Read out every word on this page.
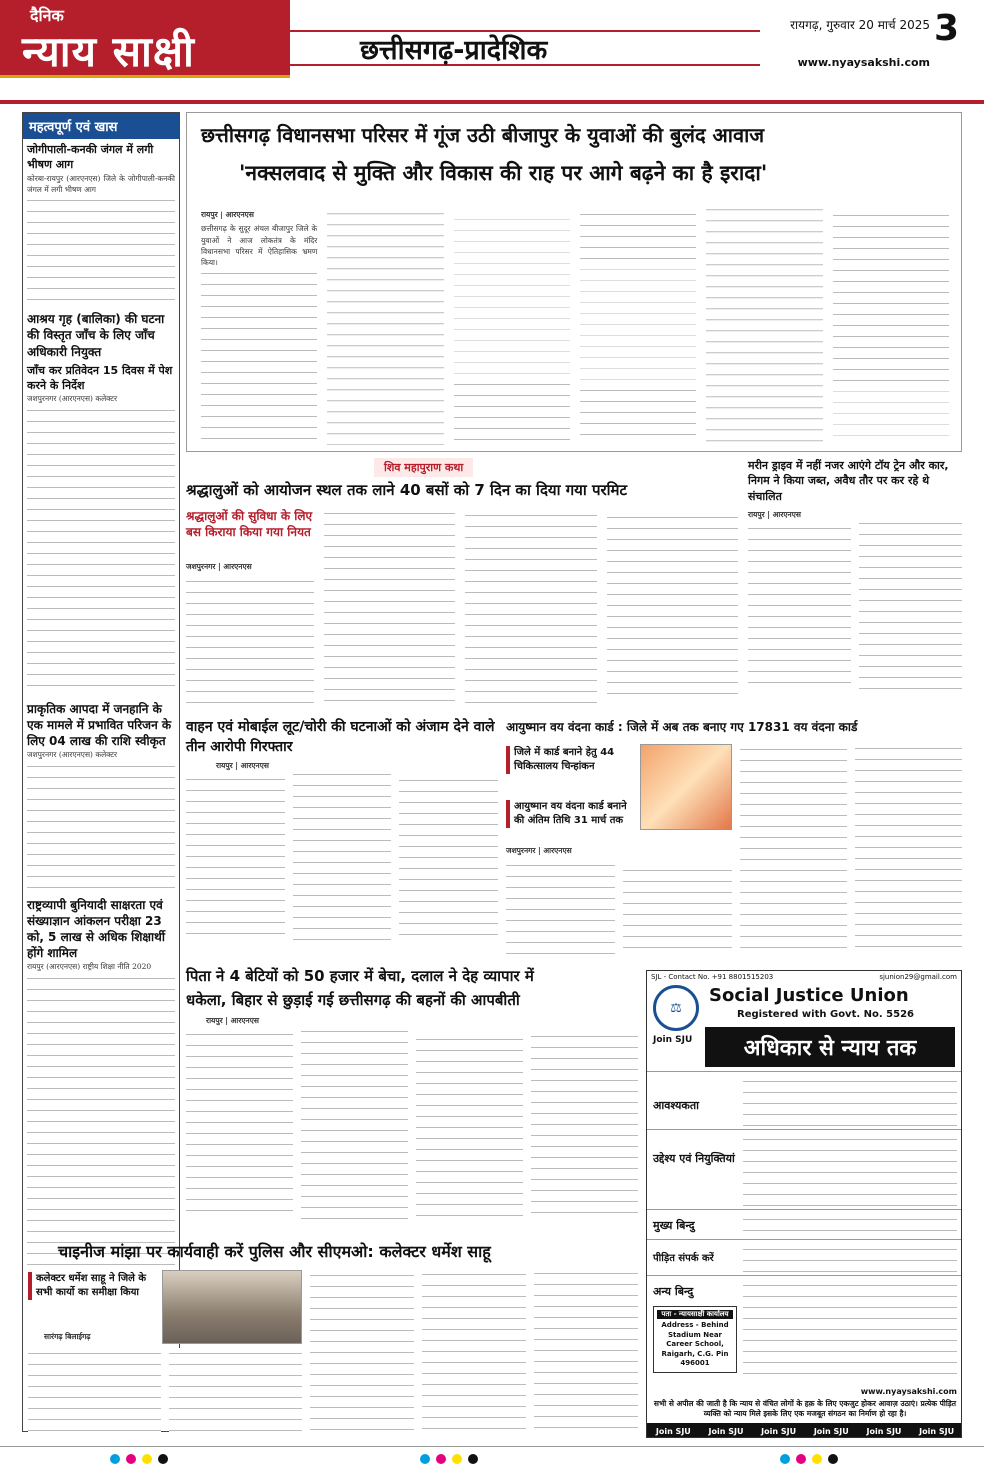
दैनिक
न्याय साक्षी	छत्तीसगढ़-प्रादेशिक
रायगढ़, गुरुवार 20 मार्च 2025
www.nyaysakshi.com
3
महत्वपूर्ण एवं खास
जोगीपाली-कनकी जंगल में लगी भीषण आग
कोरबा-रायपुर (आरएनएस) जिले के जोगीपाली-कनकी जंगल में लगी भीषण आग
आश्रय गृह (बालिका) की घटना की विस्तृत जाँच के लिए जाँच अधिकारी नियुक्त
जाँच कर प्रतिवेदन 15 दिवस में पेश करने के निर्देश
जशपुरनगर (आरएनएस) कलेक्टर
प्राकृतिक आपदा में जनहानि के एक मामले में प्रभावित परिजन के लिए 04 लाख की राशि स्वीकृत
जशपुरनगर (आरएनएस) कलेक्टर
राष्ट्रव्यापी बुनियादी साक्षरता एवं संख्याज्ञान आंकलन परीक्षा 23 को, 5 लाख से अधिक शिक्षार्थी होंगे शामिल
रायपुर (आरएनएस) राष्ट्रीय शिक्षा नीति 2020
छत्तीसगढ़ विधानसभा परिसर में गूंज उठी बीजापुर के युवाओं की बुलंद आवाज
'नक्सलवाद से मुक्ति और विकास की राह पर आगे बढ़ने का है इरादा'
रायपुर | आरएनएस
छत्तीसगढ़ के सुदूर अंचल बीजापुर जिले के युवाओं ने आज लोकतंत्र के मंदिर विधानसभा परिसर में ऐतिहासिक भ्रमण किया।
शिव महापुराण कथा
श्रद्धालुओं को आयोजन स्थल तक लाने 40 बसों को 7 दिन का दिया गया परमिट
श्रद्धालुओं की सुविधा के लिए बस किराया किया गया नियत
जशपुरनगर | आरएनएस
मरीन ड्राइव में नहीं नजर आएंगे टॉय ट्रेन और कार, निगम ने किया जब्त, अवैध तौर पर कर रहे थे संचालित
रायपुर | आरएनएस
वाहन एवं मोबाईल लूट/चोरी की घटनाओं को अंजाम देने वाले तीन आरोपी गिरफ्तार
रायपुर | आरएनएस
आयुष्मान वय वंदना कार्ड : जिले में अब तक बनाए गए 17831 वय वंदना कार्ड
जिले में कार्ड बनाने हेतु 44 चिकित्सालय चिन्हांकन
आयुष्मान वय वंदना कार्ड बनाने की अंतिम तिथि 31 मार्च तक
जशपुरनगर | आरएनएस
पिता ने 4 बेटियों को 50 हजार में बेचा, दलाल ने देह व्यापार में
धकेला, बिहार से छुड़ाई गई छत्तीसगढ़ की बहनों की आपबीती
रायपुर | आरएनएस
चाइनीज मांझा पर कार्यवाही करें पुलिस और सीएमओ: कलेक्टर धर्मेश साहू
कलेक्टर धर्मेश साहू ने जिले के सभी कार्यो का समीक्षा किया
सारंगढ़ बिलाईगढ़
SJL - Contact No. +91 8801515203	sjunion29@gmail.com
⚖
Social Justice Union
Registered with Govt. No. 5526
Join SJU	अधिकार से न्याय तक
आवश्यकता
उद्देश्य एवं नियुक्तियां
मुख्य बिन्दु
पीड़ित संपर्क करें
अन्य बिन्दु
पता - न्यायसाक्षी कार्यालय
Address - Behind Stadium Near Career School, Raigarh, C.G. Pin 496001
www.nyaysakshi.com
सभी से अपील की जाती है कि न्याय से वंचित लोगों के हक़ के लिए एकजुट होकर आवाज़ उठाएं। प्रत्येक पीड़ित व्यक्ति को न्याय मिले इसके लिए एक मजबूत संगठन का निर्माण हो रहा है।
Join SJU Join SJU Join SJU Join SJU Join SJU Join SJU
